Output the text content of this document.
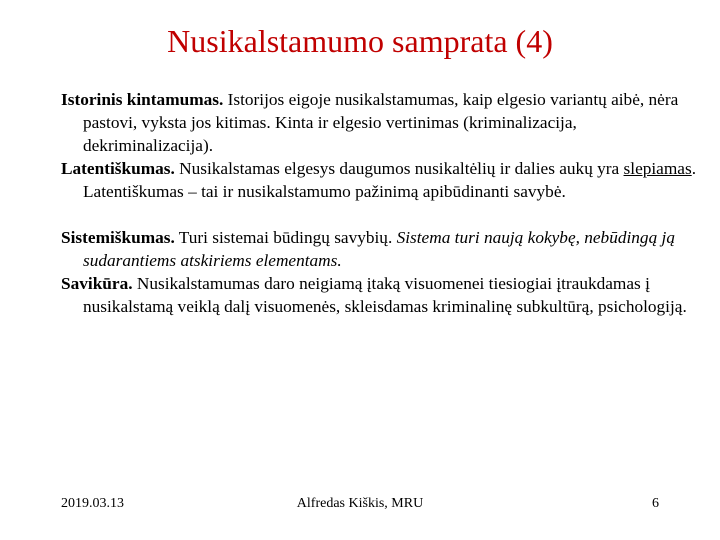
Nusikalstamumo samprata (4)

Istorinis kintamumas. Istorijos eigoje nusikalstamumas, kaip elgesio variantų aibė, nėra pastovi, vyksta jos kitimas. Kinta ir elgesio vertinimas (kriminalizacija, dekriminalizacija).

Latentiškumas. Nusikalstamas elgesys daugumos nusikaltėlių ir dalies aukų yra slepiamas. Latentiškumas – tai ir nusikalstamumo pažinimą apibūdinanti savybė.

Sistemiškumas. Turi sistemai būdingų savybių. Sistema turi naują kokybę, nebūdingą ją sudarantiems atskiriems elementams.

Savikūra. Nusikalstamumas daro neigiamą įtaką visuomenei tiesiogiai įtraukdamas į nusikalstamą veiklą dalį visuomenės, skleisdamas kriminalinę subkultūrą, psichologiją.

2019.03.13	Alfredas Kiškis, MRU	6
